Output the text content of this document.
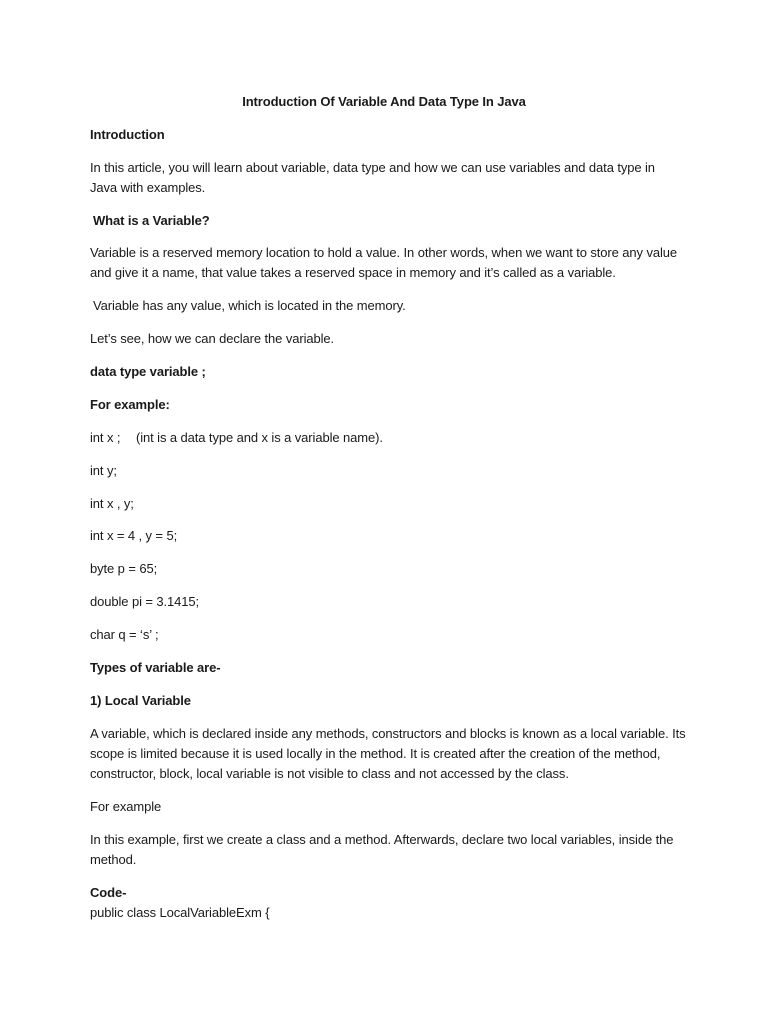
Introduction Of Variable And Data Type In Java
Introduction
In this article, you will learn about variable, data type and how we can use variables and data type in
Java with examples.
What is a Variable?
Variable is a reserved memory location to hold a value. In other words, when we want to store any value
and give it a name, that value takes a reserved space in memory and it’s called as a variable.
Variable has any value, which is located in the memory.
Let’s see, how we can declare the variable.
data type variable ;
For example:
int x ; (int is a data type and x is a variable name).
int y;
int x , y;
int x = 4 , y = 5;
byte p = 65;
double pi = 3.1415;
char q = ‘s’ ;
Types of variable are-
1) Local Variable
A variable, which is declared inside any methods, constructors and blocks is known as a local variable. Its
scope is limited because it is used locally in the method. It is created after the creation of the method,
constructor, block, local variable is not visible to class and not accessed by the class.
For example
In this example, first we create a class and a method. Afterwards, declare two local variables, inside the
method.
Code-
public class LocalVariableExm {
